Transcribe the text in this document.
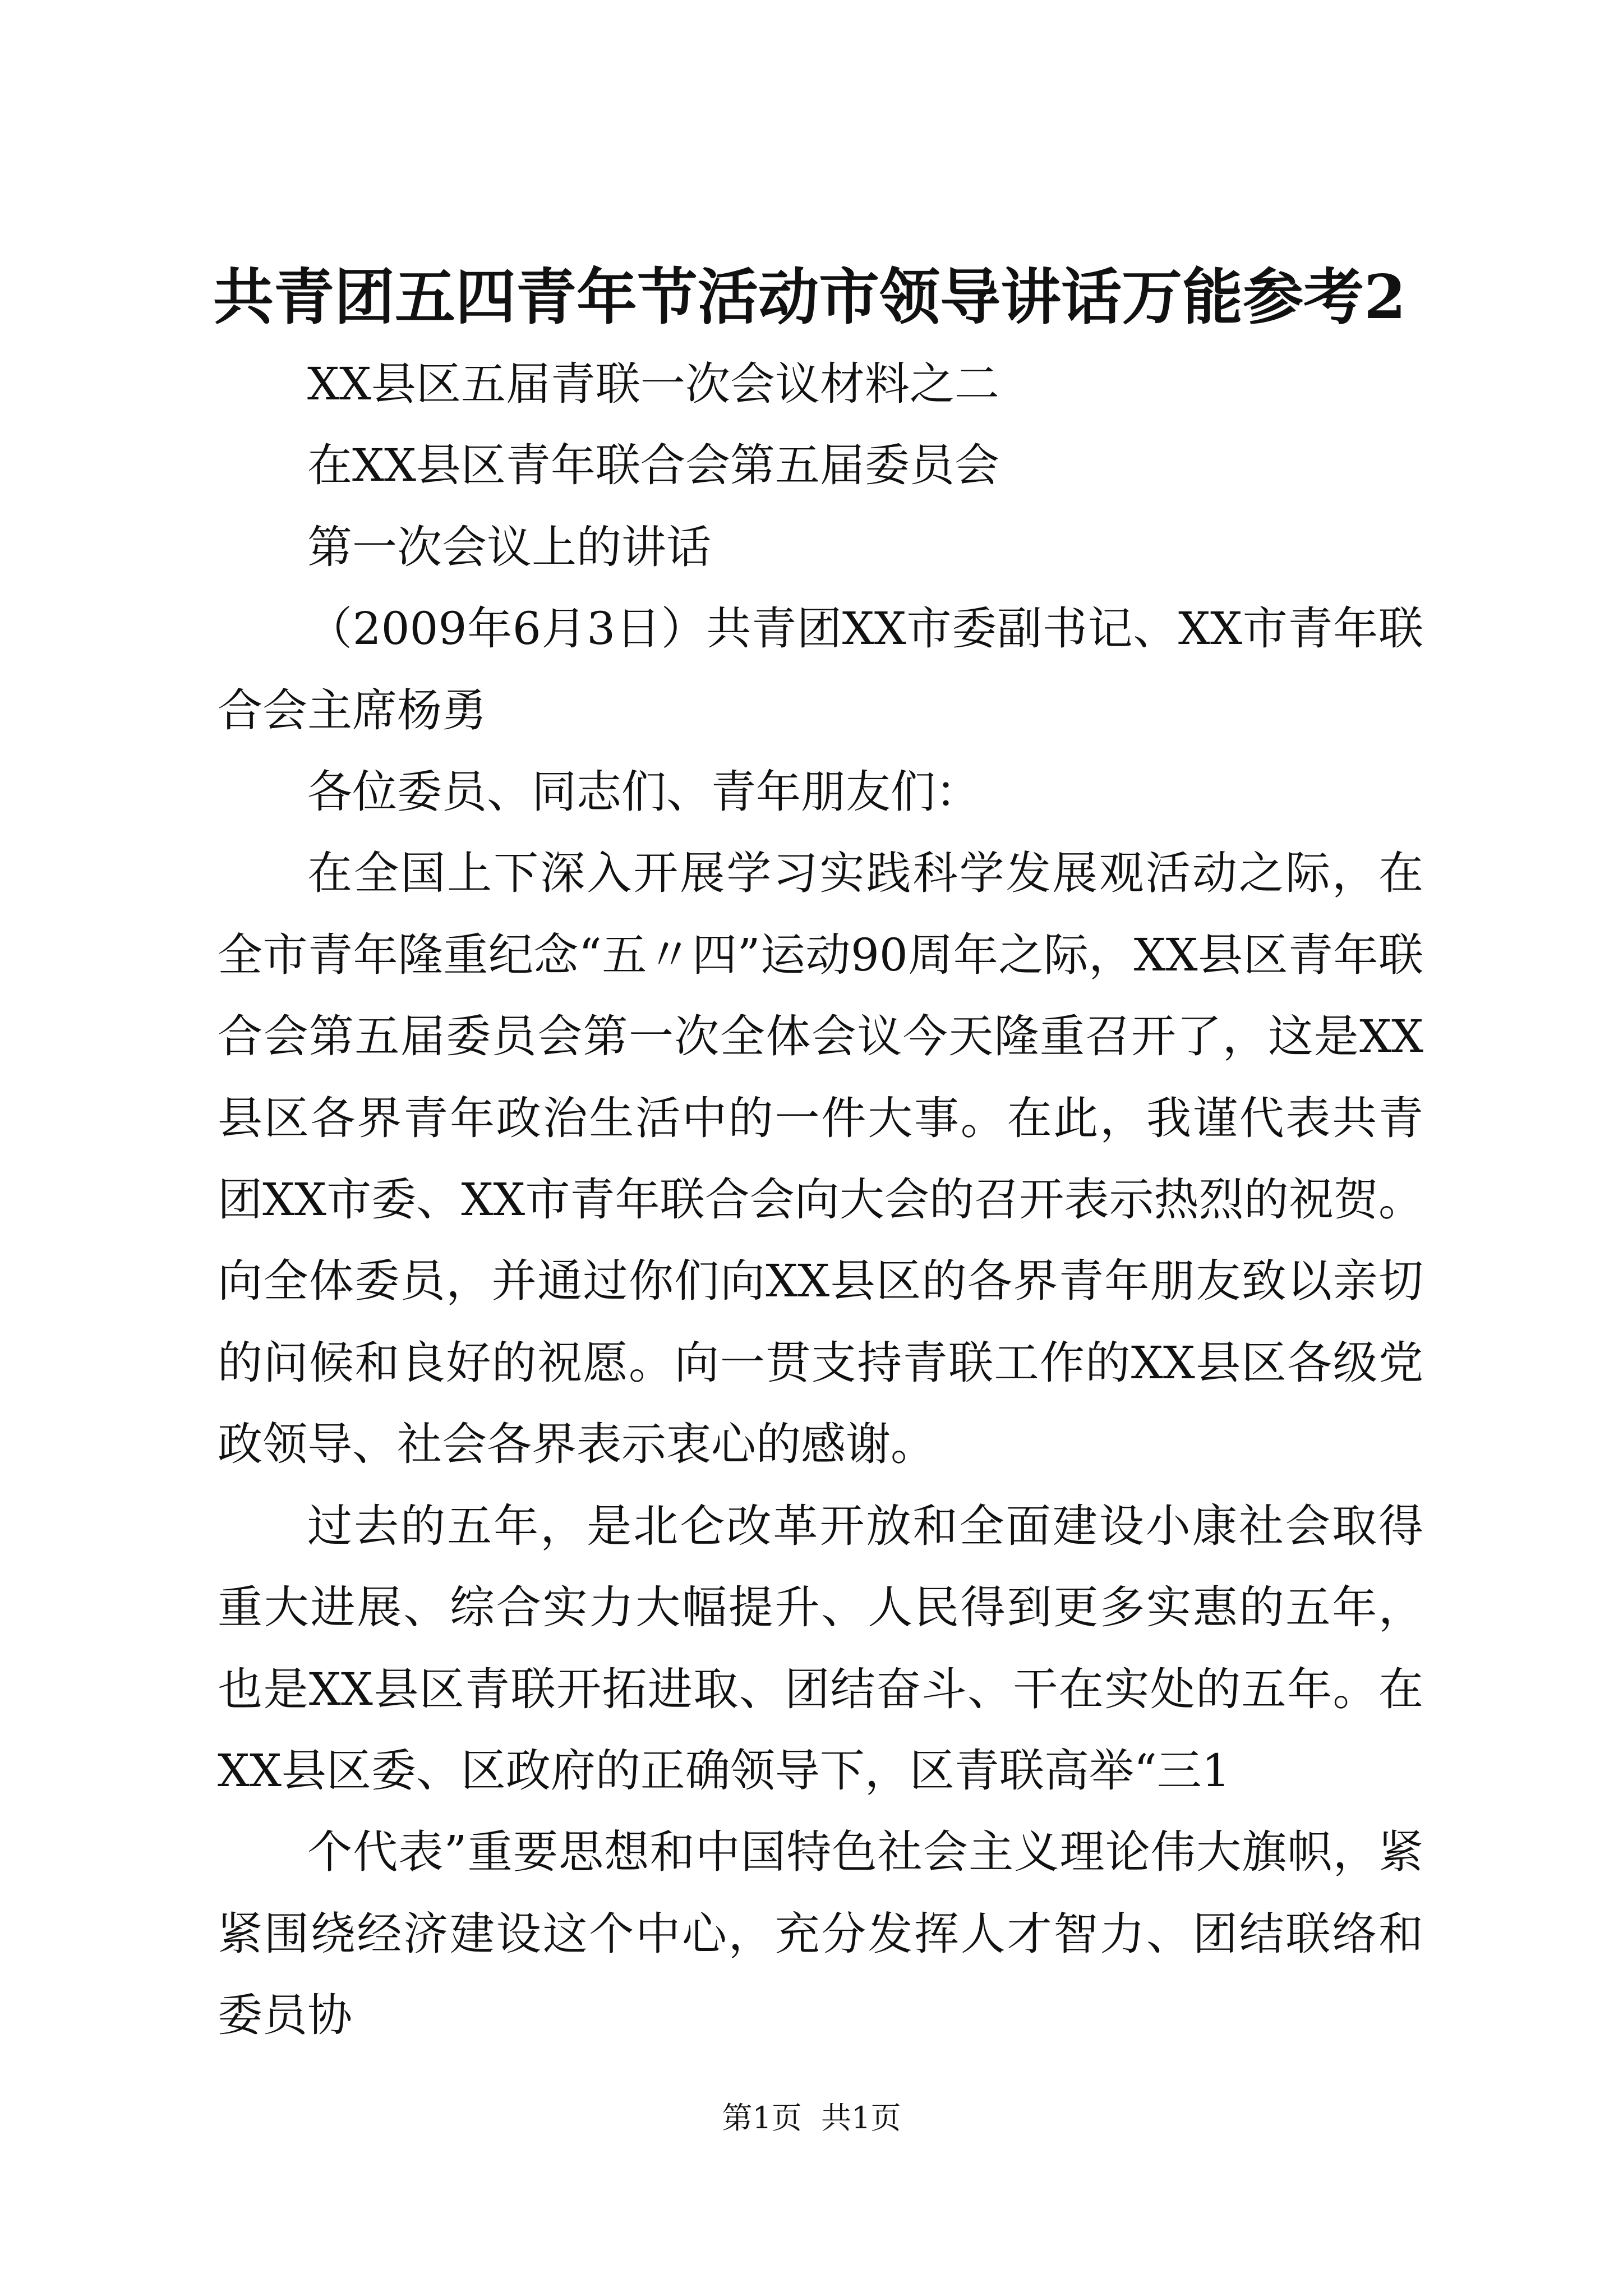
共青团五四青年节活动市领导讲话万能参考2

XX县区五届青联一次会议材料之二

在XX县区青年联合会第五届委员会

第一次会议上的讲话

（2009年6月3日）共青团XX市委副书记、XX市青年联合会主席杨勇

各位委员、同志们、青年朋友们：

在全国上下深入开展学习实践科学发展观活动之际，在全市青年隆重纪念“五〃四”运动90周年之际，XX县区青年联合会第五届委员会第一次全体会议今天隆重召开了，这是XX县区各界青年政治生活中的一件大事。在此，我谨代表共青团XX市委、XX市青年联合会向大会的召开表示热烈的祝贺。向全体委员，并通过你们向XX县区的各界青年朋友致以亲切的问候和良好的祝愿。向一贯支持青联工作的XX县区各级党政领导、社会各界表示衷心的感谢。

过去的五年，是北仑改革开放和全面建设小康社会取得重大进展、综合实力大幅提升、人民得到更多实惠的五年，也是XX县区青联开拓进取、团结奋斗、干在实处的五年。在XX县区委、区政府的正确领导下，区青联高举“三1

个代表”重要思想和中国特色社会主义理论伟大旗帜，紧紧围绕经济建设这个中心，充分发挥人才智力、团结联络和委员协

第1页  共1页
